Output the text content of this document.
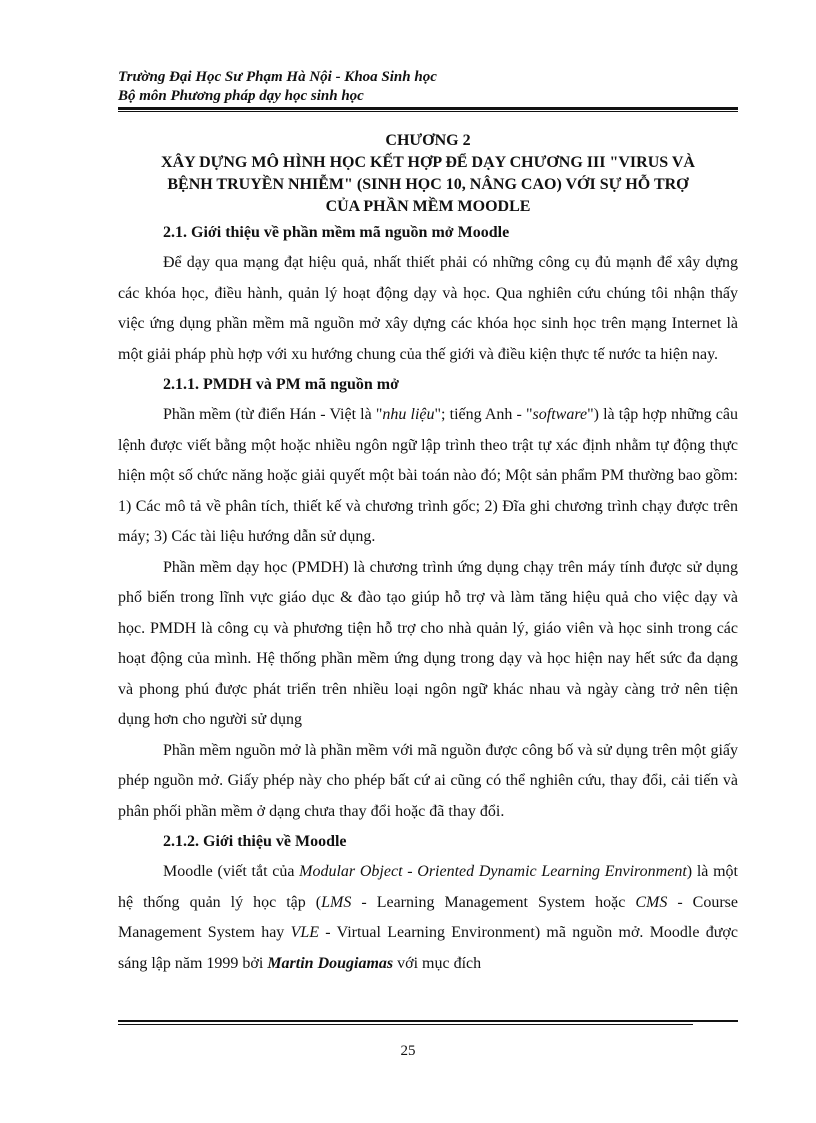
Trường Đại Học Sư Phạm Hà Nội - Khoa Sinh học
Bộ môn Phương pháp dạy học sinh học
CHƯƠNG 2
XÂY DỰNG MÔ HÌNH HỌC KẾT HỢP ĐỂ DẠY CHƯƠNG III "VIRUS VÀ
BỆNH TRUYỀN NHIỄM" (SINH HỌC 10, NÂNG CAO) VỚI SỰ HỖ TRỢ
CỦA PHẦN MỀM MOODLE
2.1. Giới thiệu về phần mềm mã nguồn mở Moodle

Để dạy qua mạng đạt hiệu quả, nhất thiết phải có những công cụ đủ mạnh để xây dựng các khóa học, điều hành, quản lý hoạt động dạy và học. Qua nghiên cứu chúng tôi nhận thấy việc ứng dụng phần mềm mã nguồn mở xây dựng các khóa học sinh học trên mạng Internet là một giải pháp phù hợp với xu hướng chung của thế giới và điều kiện thực tế nước ta hiện nay.

2.1.1. PMDH và PM mã nguồn mở

Phần mềm (từ điển Hán - Việt là "nhu liệu"; tiếng Anh - "software") là tập hợp những câu lệnh được viết bằng một hoặc nhiều ngôn ngữ lập trình theo trật tự xác định nhằm tự động thực hiện một số chức năng hoặc giải quyết một bài toán nào đó; Một sản phẩm PM thường bao gồm: 1) Các mô tả về phân tích, thiết kế và chương trình gốc; 2) Đĩa ghi chương trình chạy được trên máy; 3) Các tài liệu hướng dẫn sử dụng.

Phần mềm dạy học (PMDH) là chương trình ứng dụng chạy trên máy tính được sử dụng phổ biến trong lĩnh vực giáo dục & đào tạo giúp hỗ trợ và làm tăng hiệu quả cho việc dạy và học. PMDH là công cụ và phương tiện hỗ trợ cho nhà quản lý, giáo viên và học sinh trong các hoạt động của mình. Hệ thống phần mềm ứng dụng trong dạy và học hiện nay hết sức đa dạng và phong phú được phát triển trên nhiều loại ngôn ngữ khác nhau và ngày càng trở nên tiện dụng hơn cho người sử dụng

Phần mềm nguồn mở là phần mềm với mã nguồn được công bố và sử dụng trên một giấy phép nguồn mở. Giấy phép này cho phép bất cứ ai cũng có thể nghiên cứu, thay đổi, cải tiến và phân phối phần mềm ở dạng chưa thay đổi hoặc đã thay đổi.

2.1.2. Giới thiệu về Moodle

Moodle (viết tắt của Modular Object - Oriented Dynamic Learning Environment) là một hệ thống quản lý học tập (LMS - Learning Management System hoặc CMS - Course Management System hay VLE - Virtual Learning Environment) mã nguồn mở. Moodle được sáng lập năm 1999 bởi Martin Dougiamas với mục đích

25
